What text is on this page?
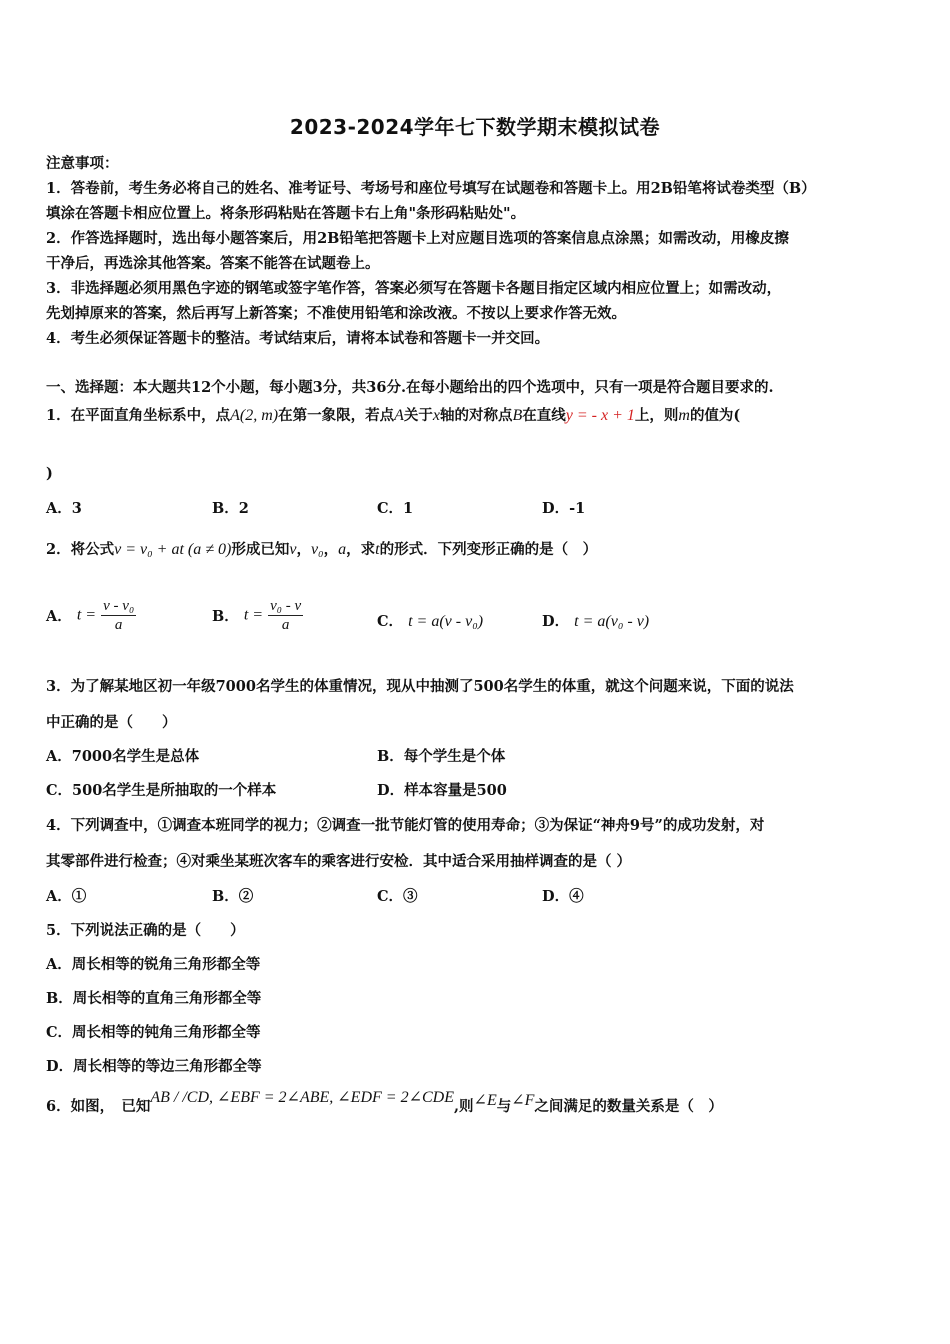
2023-2024学年七下数学期末模拟试卷
注意事项：
1．答卷前，考生务必将自己的姓名、准考证号、考场号和座位号填写在试题卷和答题卡上。用2B铅笔将试卷类型（B）
填涂在答题卡相应位置上。将条形码粘贴在答题卡右上角"条形码粘贴处"。
2．作答选择题时，选出每小题答案后，用2B铅笔把答题卡上对应题目选项的答案信息点涂黑；如需改动，用橡皮擦
干净后，再选涂其他答案。答案不能答在试题卷上。
3．非选择题必须用黑色字迹的钢笔或签字笔作答，答案必须写在答题卡各题目指定区域内相应位置上；如需改动，
先划掉原来的答案，然后再写上新答案；不准使用铅笔和涂改液。不按以上要求作答无效。
4．考生必须保证答题卡的整洁。考试结束后，请将本试卷和答题卡一并交回。
一、选择题：本大题共12个小题，每小题3分，共36分.在每小题给出的四个选项中，只有一项是符合题目要求的.
1．在平面直角坐标系中，点A(2, m)在第一象限，若点A关于x轴的对称点B在直线y = - x + 1上，则m的值为(
)
A．3	B．2	C．1	D．-1
2．将公式v = v₀ + at (a ≠ 0)形成已知v，v₀，a，求t的形式．下列变形正确的是（　）
A． $t = \frac{\text{v - v₀}}{a}$	B． $t = \frac{\text{v₀ - v}}{a}$	C． t = a(v - v₀)	D． t = a(v₀ - v)
3．为了解某地区初一年级7000名学生的体重情况，现从中抽测了500名学生的体重，就这个问题来说，下面的说法
中正确的是（　　）
A．7000名学生是总体	B．每个学生是个体
C．500名学生是所抽取的一个样本	D．样本容量是500
4．下列调查中，①调查本班同学的视力；②调查一批节能灯管的使用寿命；③为保证“神舟9号”的成功发射，对
其零部件进行检查；④对乘坐某班次客车的乘客进行安检．其中适合采用抽样调查的是（ ）
A．①	B．②	C．③	D．④
5．下列说法正确的是（　　）
A．周长相等的锐角三角形都全等
B．周长相等的直角三角形都全等
C．周长相等的钝角三角形都全等
D．周长相等的等边三角形都全等
6．如图，　已知AB / /CD, ∠EBF = 2∠ABE, ∠EDF = 2∠CDE,则∠E与∠F之间满足的数量关系是（　）
